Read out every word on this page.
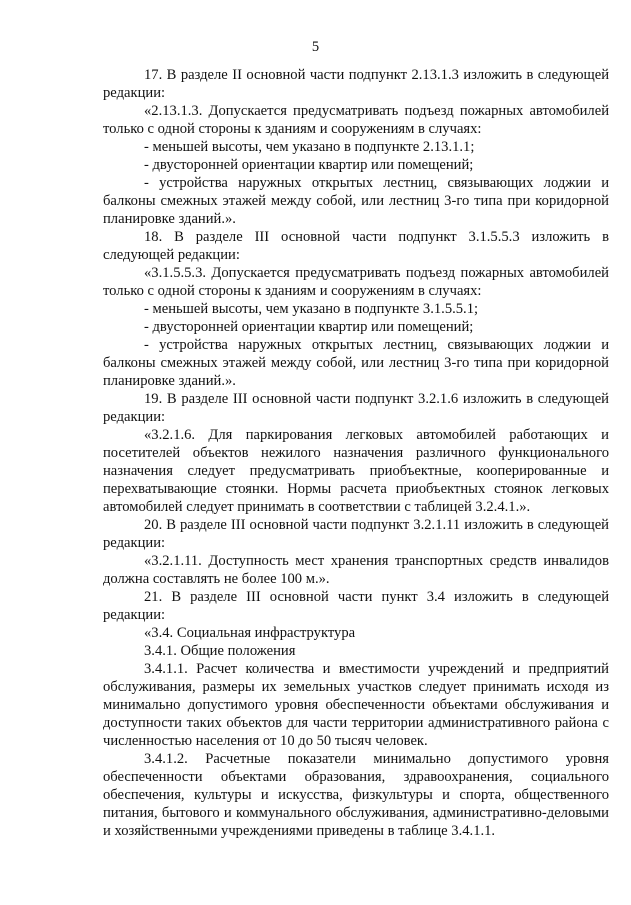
5

17. В разделе II основной части подпункт 2.13.1.3 изложить в следующей редакции:

«2.13.1.3. Допускается предусматривать подъезд пожарных автомобилей только с одной стороны к зданиям и сооружениям в случаях:

- меньшей высоты, чем указано в подпункте 2.13.1.1;

- двусторонней ориентации квартир или помещений;

- устройства наружных открытых лестниц, связывающих лоджии и балконы смежных этажей между собой, или лестниц 3-го типа при коридорной планировке зданий.».

18. В разделе III основной части подпункт 3.1.5.5.3 изложить в следующей редакции:

«3.1.5.5.3. Допускается предусматривать подъезд пожарных автомобилей только с одной стороны к зданиям и сооружениям в случаях:

- меньшей высоты, чем указано в подпункте 3.1.5.5.1;

- двусторонней ориентации квартир или помещений;

- устройства наружных открытых лестниц, связывающих лоджии и балконы смежных этажей между собой, или лестниц 3-го типа при коридорной планировке зданий.».

19. В разделе III основной части подпункт 3.2.1.6 изложить в следующей редакции:

«3.2.1.6. Для паркирования легковых автомобилей работающих и посетителей объектов нежилого назначения различного функционального назначения следует предусматривать приобъектные, кооперированные и перехватывающие стоянки. Нормы расчета приобъектных стоянок легковых автомобилей следует принимать в соответствии с таблицей 3.2.4.1.».

20. В разделе III основной части подпункт 3.2.1.11 изложить в следующей редакции:

«3.2.1.11. Доступность мест хранения транспортных средств инвалидов должна составлять не более 100 м.».

21. В разделе III основной части пункт 3.4 изложить в следующей редакции:

«3.4. Социальная инфраструктура

3.4.1. Общие положения

3.4.1.1. Расчет количества и вместимости учреждений и предприятий обслуживания, размеры их земельных участков следует принимать исходя из минимально допустимого уровня обеспеченности объектами обслуживания и доступности таких объектов для части территории административного района с численностью населения от 10 до 50 тысяч человек.

3.4.1.2. Расчетные показатели минимально допустимого уровня обеспеченности объектами образования, здравоохранения, социального обеспечения, культуры и искусства, физкультуры и спорта, общественного питания, бытового и коммунального обслуживания, административно-деловыми и хозяйственными учреждениями приведены в таблице 3.4.1.1.
